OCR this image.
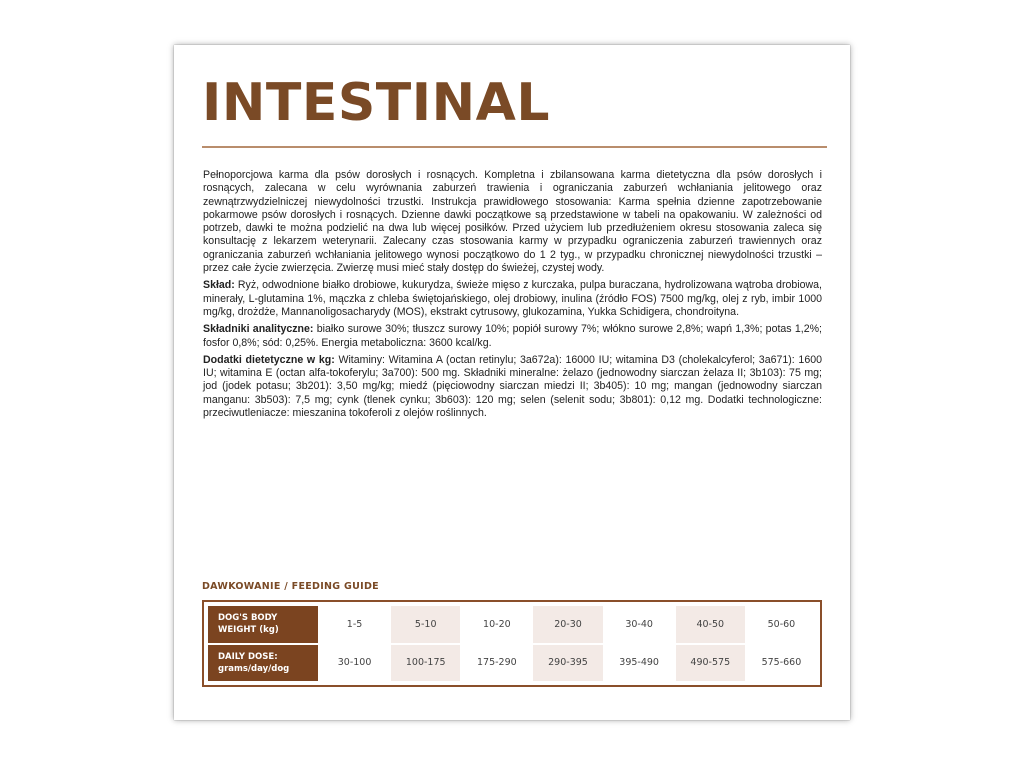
INTESTINAL

Pełnoporcjowa karma dla psów dorosłych i rosnących. Kompletna i zbilansowana karma dietetyczna dla psów dorosłych i rosnących, zalecana w celu wyrównania zaburzeń trawienia i ograniczania zaburzeń wchłaniania jelitowego oraz zewnątrzwydzielniczej niewydolności trzustki. Instrukcja prawidłowego stosowania: Karma spełnia dzienne zapotrzebowanie pokarmowe psów dorosłych i rosnących. Dzienne dawki początkowe są przedstawione w tabeli na opakowaniu. W zależności od potrzeb, dawki te można podzielić na dwa lub więcej posiłków. Przed użyciem lub przedłużeniem okresu stosowania zaleca się konsultację z lekarzem weterynarii. Zalecany czas stosowania karmy w przypadku ograniczenia zaburzeń trawiennych oraz ograniczania zaburzeń wchłaniania jelitowego wynosi początkowo do 1 2 tyg., w przypadku chronicznej niewydolności trzustki – przez całe życie zwierzęcia. Zwierzę musi mieć stały dostęp do świeżej, czystej wody.

Skład: Ryż, odwodnione białko drobiowe, kukurydza, świeże mięso z kurczaka, pulpa buraczana, hydrolizowana wątroba drobiowa, minerały, L-glutamina 1%, mączka z chleba świętojańskiego, olej drobiowy, inulina (źródło FOS) 7500 mg/kg, olej z ryb, imbir 1000 mg/kg, drożdże, Mannanoligosacharydy (MOS), ekstrakt cytrusowy, glukozamina, Yukka Schidigera, chondroityna.

Składniki analityczne: białko surowe 30%; tłuszcz surowy 10%; popiół surowy 7%; włókno surowe 2,8%; wapń 1,3%; potas 1,2%; fosfor 0,8%; sód: 0,25%. Energia metaboliczna: 3600 kcal/kg.

Dodatki dietetyczne w kg: Witaminy: Witamina A (octan retinylu; 3a672a): 16000 IU; witamina D3 (cholekalcyferol; 3a671): 1600 IU; witamina E (octan alfa-tokoferylu; 3a700): 500 mg. Składniki mineralne: żelazo (jednowodny siarczan żelaza II; 3b103): 75 mg; jod (jodek potasu; 3b201): 3,50 mg/kg; miedź (pięciowodny siarczan miedzi II; 3b405): 10 mg; mangan (jednowodny siarczan manganu: 3b503): 7,5 mg; cynk (tlenek cynku; 3b603): 120 mg; selen (selenit sodu; 3b801): 0,12 mg. Dodatki technologiczne: przeciwutleniacze: mieszanina tokoferoli z olejów roślinnych.

DAWKOWANIE / FEEDING GUIDE
DOG'S BODY
WEIGHT (kg)	1-5	5-10	10-20	20-30	30-40	40-50	50-60
DAILY DOSE:
grams/day/dog	30-100	100-175	175-290	290-395	395-490	490-575	575-660
